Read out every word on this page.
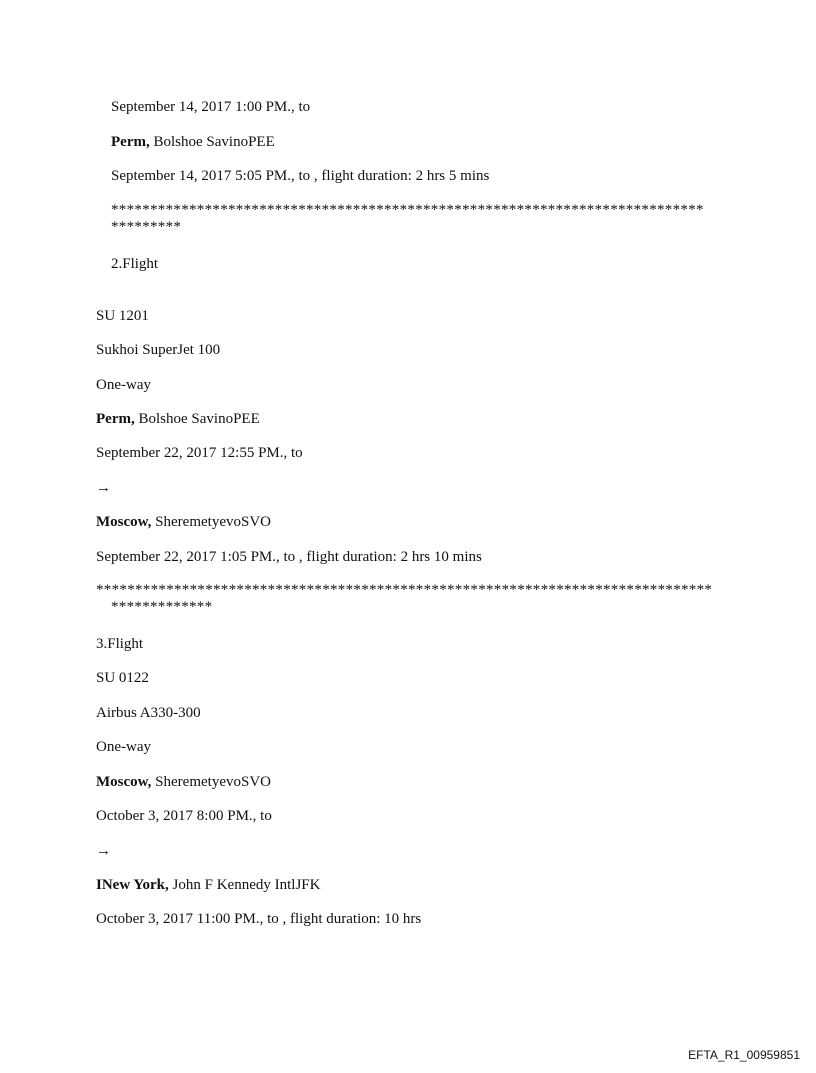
September 14, 2017 1:00 PM., to
Perm, Bolshoe SavinoPEE
September 14, 2017 5:05 PM., to , flight duration: 2 hrs 5 mins
****************************************************************************
*********
2.Flight
SU 1201
Sukhoi SuperJet 100
One-way
Perm, Bolshoe SavinoPEE
September 22, 2017 12:55 PM., to
→
Moscow, SheremetyevoSVO
September 22, 2017 1:05 PM., to , flight duration: 2 hrs 10 mins
*******************************************************************************
*************
3.Flight
SU 0122
Airbus A330-300
One-way
Moscow, SheremetyevoSVO
October 3, 2017 8:00 PM., to
→
INew York, John F Kennedy IntlJFK
October 3, 2017 11:00 PM., to , flight duration: 10 hrs
EFTA_R1_00959851
